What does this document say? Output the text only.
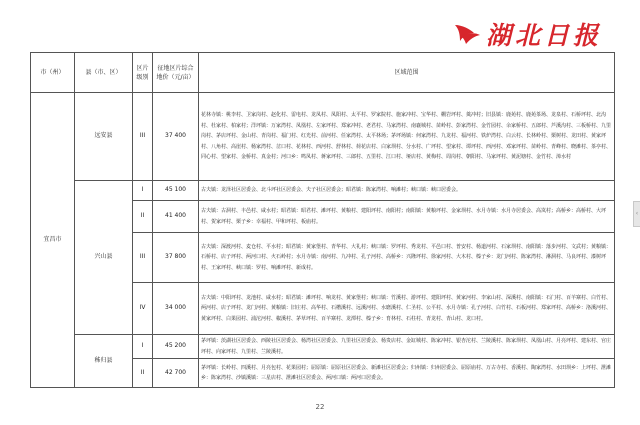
湖北日报
市（州）	县（市、区）	区片级别	征地区片综合地价（元/亩）	区域范围
宜昌市	远安县	III	37 400	花林寺镇：桃李村、卫家岗村、赵化村、雷电村、龙凤村、凤阳村、太平村、罗家院村、施家冲村、宝华村、棚岩坪村、奠冲村；旧县镇：鹿苑村、鹿苑茶场、龙泉村、石桥坪村、北沟村、杜家村、柏家村；洋坪镇：万家湾村、凤凰村、左家坪村、郑家冲村、老君村、马家湾村、南襄城村、苗岭村、彭家湾村、金竹园村、余家桥村、五郎村、芦溪沟村、三板桥村、九里岗村、茅店坪村、金山村、青岗村、福门村、红光村、前河村、任家湾村、太平林场；茅坪场镇：何家湾村、九龙村、福河村、铁炉湾村、白云村、长林岭村、栗树村、龙田村、黄家坪村、八角村、高崖村、杨家湾村、岔口村、花林村、西河村、舒林村、荷花店村、白家坝村、分水村、广坪村、望家村、谭坪村、西河村、邓家坪村、苗岭村、青峰村、晓滩村、茶亭村、同心村、望家村、金桥村、真金村；河口乡：鸣凤村、蒋家坪村、三郎村、五里村、江口村、垭店村、黄梅村、周岗村、朝阳村、马家坪村、黄泥塘村、金竹村、漳水村
	兴山县	I	45 100	古夫镇：龙泽社区居委会、北斗坪社区居委会、夫子社区居委会；昭君镇：陈家湾村、响滩村；峡口镇：峡口居委会。
		II	41 400	古夫镇：古洞村、丰邑村、咸水村；昭君镇：昭君村、滩坪村、黄粮村、建阳坪村、南阳村；南阳镇：黄粮坪村、金家坝村、水月寺镇：水月寺居委会、高岚村；高桥乡：高桥村、大坪村、贺家坪村、栗子乡：幸福村、甲和坪村、板庙村。
		III	37 800	古夫镇：深渡河村、麦仓村、平水村；昭君镇：黄家堡村、青华村、大礼村；峡口镇：罗坪村、秀龙村、平邑口村、普安村、杨道河村、石家坝村、南阳镇：落步河村、文武村；黄粮镇：石桥村、店子坪村、两河口村、火石岭村；水月寺镇：南河村、九冲村、孔子河村、高桥乡：兴隆坪村、徐家河村、大木村、榛子乡：龙门河村、陈家湾村、淋洞村、马良坪村、漆树坪村、王家坪村、峡口镇：罗村、响滩坪村、新成村。
		IV	34 000	古夫镇：中阳坪村、龙池村、咸水村；昭君镇：滩坪村、响龙村、黄家堡村；峡口镇：竹溪村、游坪村、建阳坪村、黄家河村、李家山村、深溪村、南阳镇：石门村、百羊寨村、白竹村、两河村、店子坪村、龙门河村、黄粮镇：旧庄村、高华村、石槽溪村、远溪河村、水磨溪村、仁圣村、公平村、水月寺镇：孔子河村、白竹村、石板河村、郑家坪村、高桥乡：洛溪河村、黄家坪村、白果园村、浦沱河村、椒溪村、茅草坪村、百羊寨村、龙潭村、榛子乡：育林村、石柱村、青龙村、青山村、龙口村。
	秭归县	I	45 200	茅坪镇：茨湖社区居委会、西陵社区居委会、杨湾社区居委会、九里社区居委会、杨贵店村、金缸城村、陈家冲村、银杏沱村、兰陵溪村、陈家坝村、凤凰山村、月亮坪村、建东村、官庄坪村、向家坪村、九里村、兰陵溪村。
		II	42 700	茅坪镇：长岭村、四溪村、月亮包村、花果园村；屈原镇：屈原社区居委会、新滩社区居委会；归州镇：归州居委会、屈原庙村、万古寺村、香溪村、陶家湾村、水田坝乡：上坪村、泄滩乡：陈家湾村、沙镇溪镇：三星店村、泄滩社区居委会、两河口镇：两河口居委会。
22
‹
